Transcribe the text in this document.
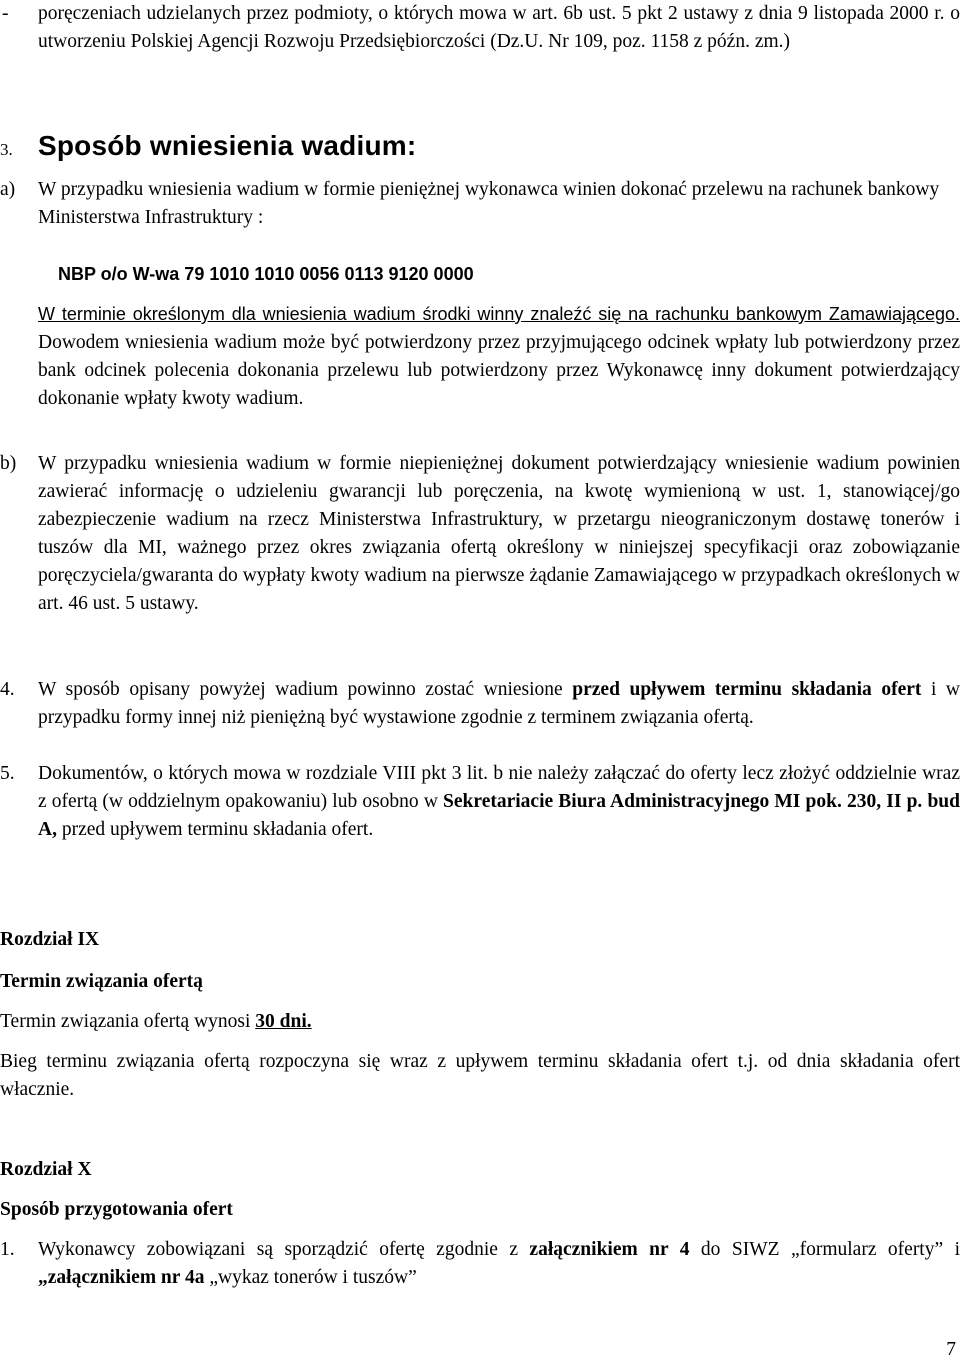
-	poręczeniach udzielanych przez podmioty, o których mowa w art. 6b ust. 5 pkt 2 ustawy z dnia 9 listopada 2000 r. o utworzeniu Polskiej Agencji Rozwoju Przedsiębiorczości (Dz.U. Nr 109, poz. 1158 z późn. zm.)
3. Sposób wniesienia wadium:
a)	W przypadku wniesienia wadium w formie pieniężnej wykonawca winien dokonać przelewu na rachunek bankowy Ministerstwa Infrastruktury :
NBP o/o W-wa 79 1010 1010 0056 0113 9120 0000
W terminie określonym dla wniesienia wadium środki winny znaleźć się na rachunku bankowym Zamawiającego. Dowodem wniesienia wadium może być potwierdzony przez przyjmującego odcinek wpłaty lub potwierdzony przez bank odcinek polecenia dokonania przelewu lub potwierdzony przez Wykonawcę inny dokument potwierdzający dokonanie wpłaty kwoty wadium.
b)	W przypadku wniesienia wadium w formie niepieniężnej dokument potwierdzający wniesienie wadium powinien zawierać informację o udzieleniu gwarancji lub poręczenia, na kwotę wymienioną w ust. 1, stanowiącej/go zabezpieczenie wadium na rzecz Ministerstwa Infrastruktury, w przetargu nieograniczonym dostawę tonerów i tuszów dla MI, ważnego przez okres związania ofertą określony w niniejszej specyfikacji oraz zobowiązanie poręczyciela/gwaranta do wypłaty kwoty wadium na pierwsze żądanie Zamawiającego w przypadkach określonych w art. 46 ust. 5 ustawy.
4.	W sposób opisany powyżej wadium powinno zostać wniesione przed upływem terminu składania ofert i w przypadku formy innej niż pieniężną być wystawione zgodnie z terminem związania ofertą.
5.	Dokumentów, o których mowa w rozdziale VIII pkt 3 lit. b nie należy załączać do oferty lecz złożyć oddzielnie wraz z ofertą (w oddzielnym opakowaniu) lub osobno w Sekretariacie Biura Administracyjnego MI pok. 230, II p. bud A, przed upływem terminu składania ofert.
Rozdział IX
Termin związania ofertą
Termin związania ofertą wynosi 30 dni.
Bieg terminu związania ofertą rozpoczyna się wraz z upływem terminu składania ofert t.j. od dnia składania ofert włacznie.
Rozdział X
Sposób przygotowania ofert
1.	Wykonawcy zobowiązani są sporządzić ofertę zgodnie z załącznikiem nr 4 do SIWZ „formularz oferty” i „załącznikiem nr 4a „wykaz tonerów i tuszów”
7
